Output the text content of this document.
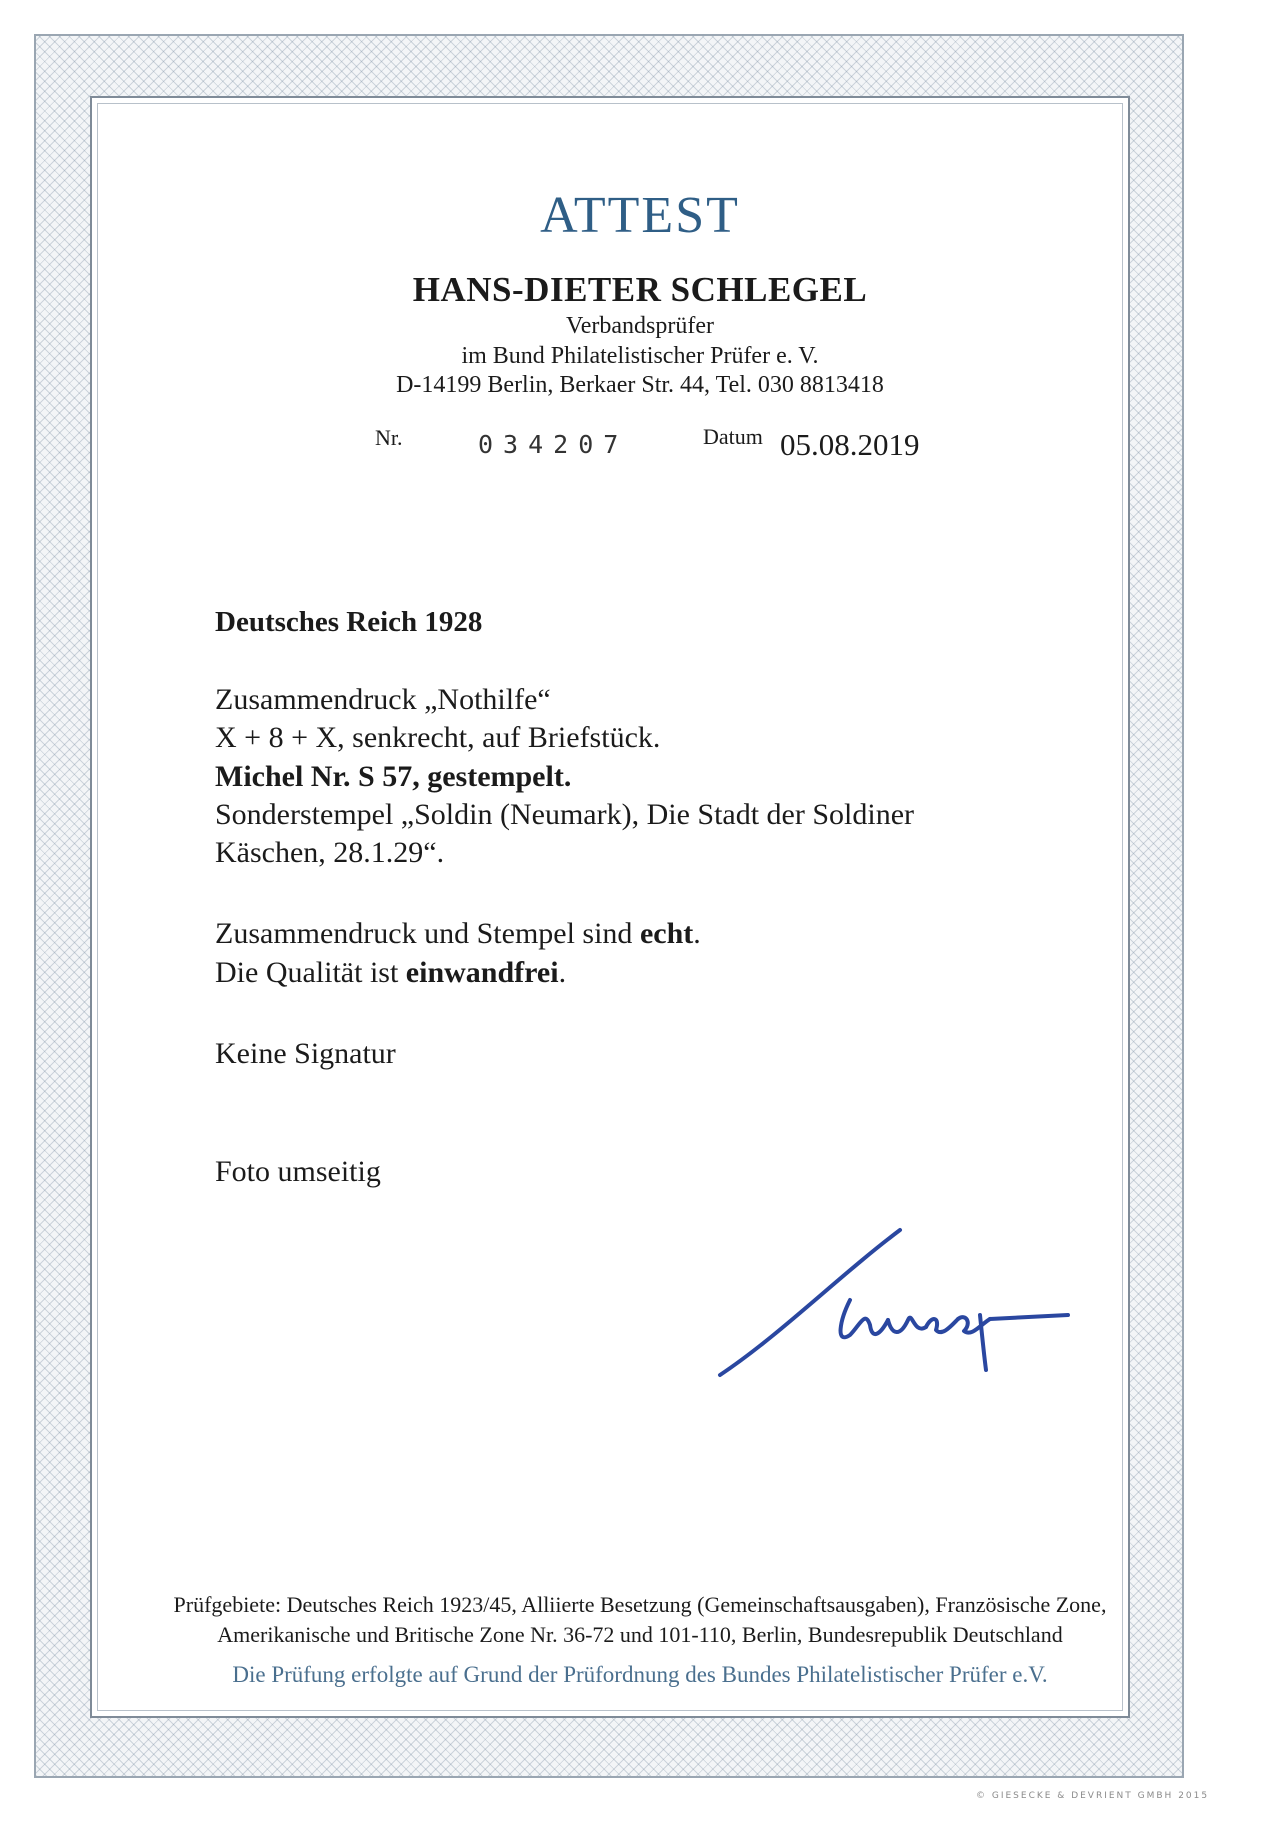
ATTEST
HANS-DIETER SCHLEGEL
Verbandsprüfer
im Bund Philatelistischer Prüfer e. V.
D-14199 Berlin, Berkaer Str. 44, Tel. 030 8813418
Nr.	034207	Datum 05.08.2019
Deutsches Reich 1928
Zusammendruck „Nothilfe“
X + 8 + X, senkrecht, auf Briefstück.
Michel Nr. S 57, gestempelt.
Sonderstempel „Soldin (Neumark), Die Stadt der Soldiner
Käschen, 28.1.29“.
Zusammendruck und Stempel sind echt.
Die Qualität ist einwandfrei.
Keine Signatur
Foto umseitig
Prüfgebiete: Deutsches Reich 1923/45, Alliierte Besetzung (Gemeinschaftsausgaben), Französische Zone,
Amerikanische und Britische Zone Nr. 36-72 und 101-110, Berlin, Bundesrepublik Deutschland
Die Prüfung erfolgte auf Grund der Prüfordnung des Bundes Philatelistischer Prüfer e.V.
© GIESECKE & DEVRIENT GMBH 2015
